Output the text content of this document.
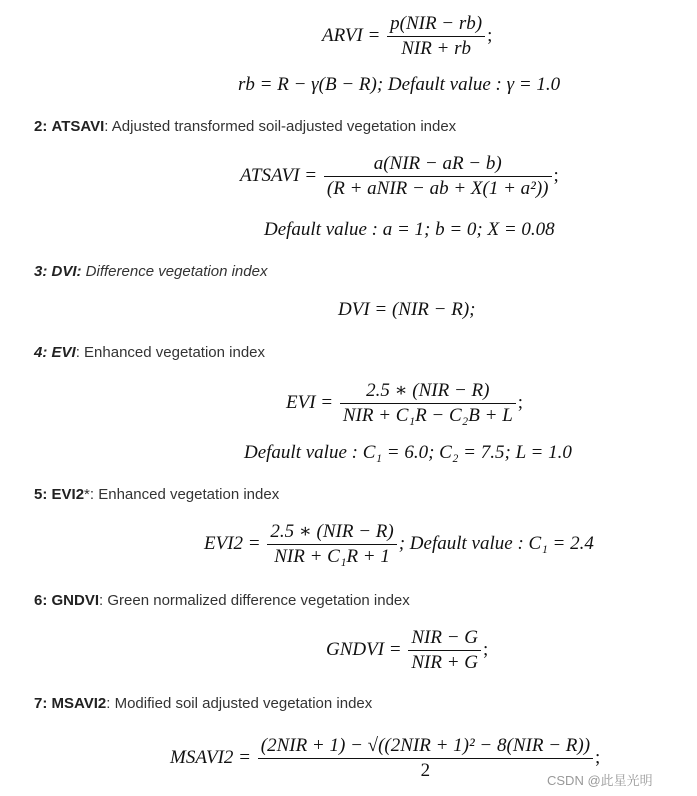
ARVI = $\frac{\text{p(NIR − rb)}}{\text{NIR + rb}}$ ;
rb = R − γ(B − R); Default value : γ = 1.0
2: ATSAVI: Adjusted transformed soil-adjusted vegetation index
ATSAVI = $\frac{\text{a(NIR − aR − b)}}{\text{(R + aNIR − ab + X(1 + a²))}}$ ;
Default value : a = 1; b = 0; X = 0.08
3: DVI: Difference vegetation index
DVI = (NIR − R);
4: EVI: Enhanced vegetation index
EVI = $\frac{\text{2.5 ∗ (NIR − R)}}{\text{NIR + C₁R − C₂B + L}}$ ;
Default value : C₁ = 6.0; C₂ = 7.5; L = 1.0
5: EVI2*: Enhanced vegetation index
$EVI2 = \frac{\text{2.5 ∗ (NIR − R)}}{\text{NIR + C₁R + 1}}$ ; Default value : C₁ = 2.4
6: GNDVI: Green normalized difference vegetation index
GNDVI = $\frac{\text{NIR − G}}{\text{NIR + G}}$ ;
7: MSAVI2: Modified soil adjusted vegetation index
MSAVI2 = $\frac{\text{(2NIR + 1) − √((2NIR + 1)² − 8(NIR − R))}}{2}$ ;
CSDN @此星光明
